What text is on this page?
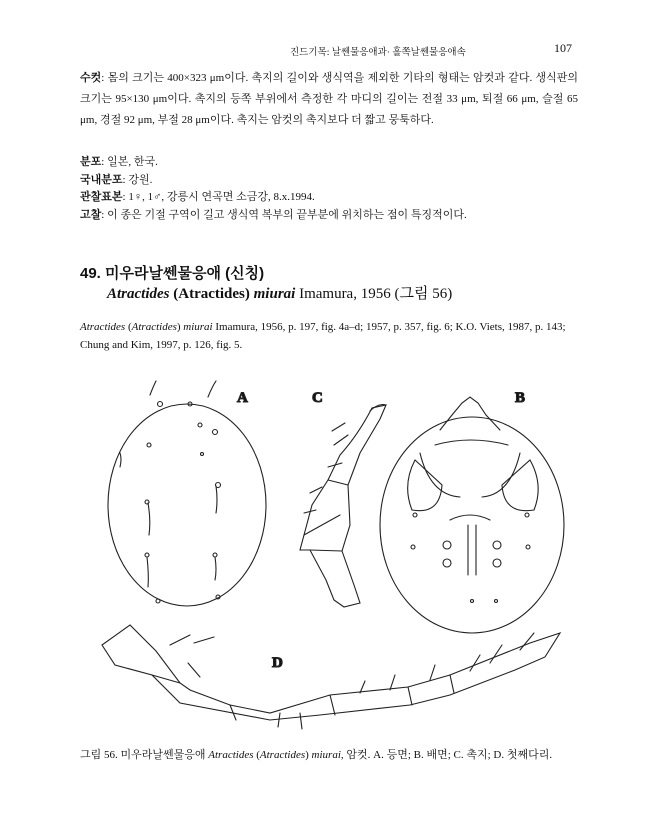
진드기목: 날쎈물응애과· 홀쪽날쎈물응애속	107
수컷: 몸의 크기는 400×323 μm이다. 촉지의 길이와 생식역을 제외한 기타의 형태는 암컷과 같다. 생식판의 크기는 95×130 μm이다. 촉지의 등쪽 부위에서 측정한 각 마디의 길이는 전절 33 μm, 퇴절 66 μm, 슬절 65 μm, 경절 92 μm, 부절 28 μm이다. 촉지는 암컷의 촉지보다 더 짧고 뭉툭하다.
분포: 일본, 한국.
국내분포: 강원.
관찰표본: 1♀, 1♂, 강릉시 연곡면 소금강, 8.x.1994.
고찰: 이 종은 기절 구역이 길고 생식역 복부의 끝부분에 위치하는 점이 특징적이다.
49. 미우라날쎈물응애 (신칭)
Atractides (Atractides) miurai Imamura, 1956 (그림 56)
Atractides (Atractides) miurai Imamura, 1956, p. 197, fig. 4a–d; 1957, p. 357, fig. 6; K.O. Viets, 1987, p. 143; Chung and Kim, 1997, p. 126, fig. 5.
A	C	B
D
그림 56. 미우라날쎈물응애 Atractides (Atractides) miurai, 암컷. A. 등면; B. 배면; C. 촉지; D. 첫째다리.
